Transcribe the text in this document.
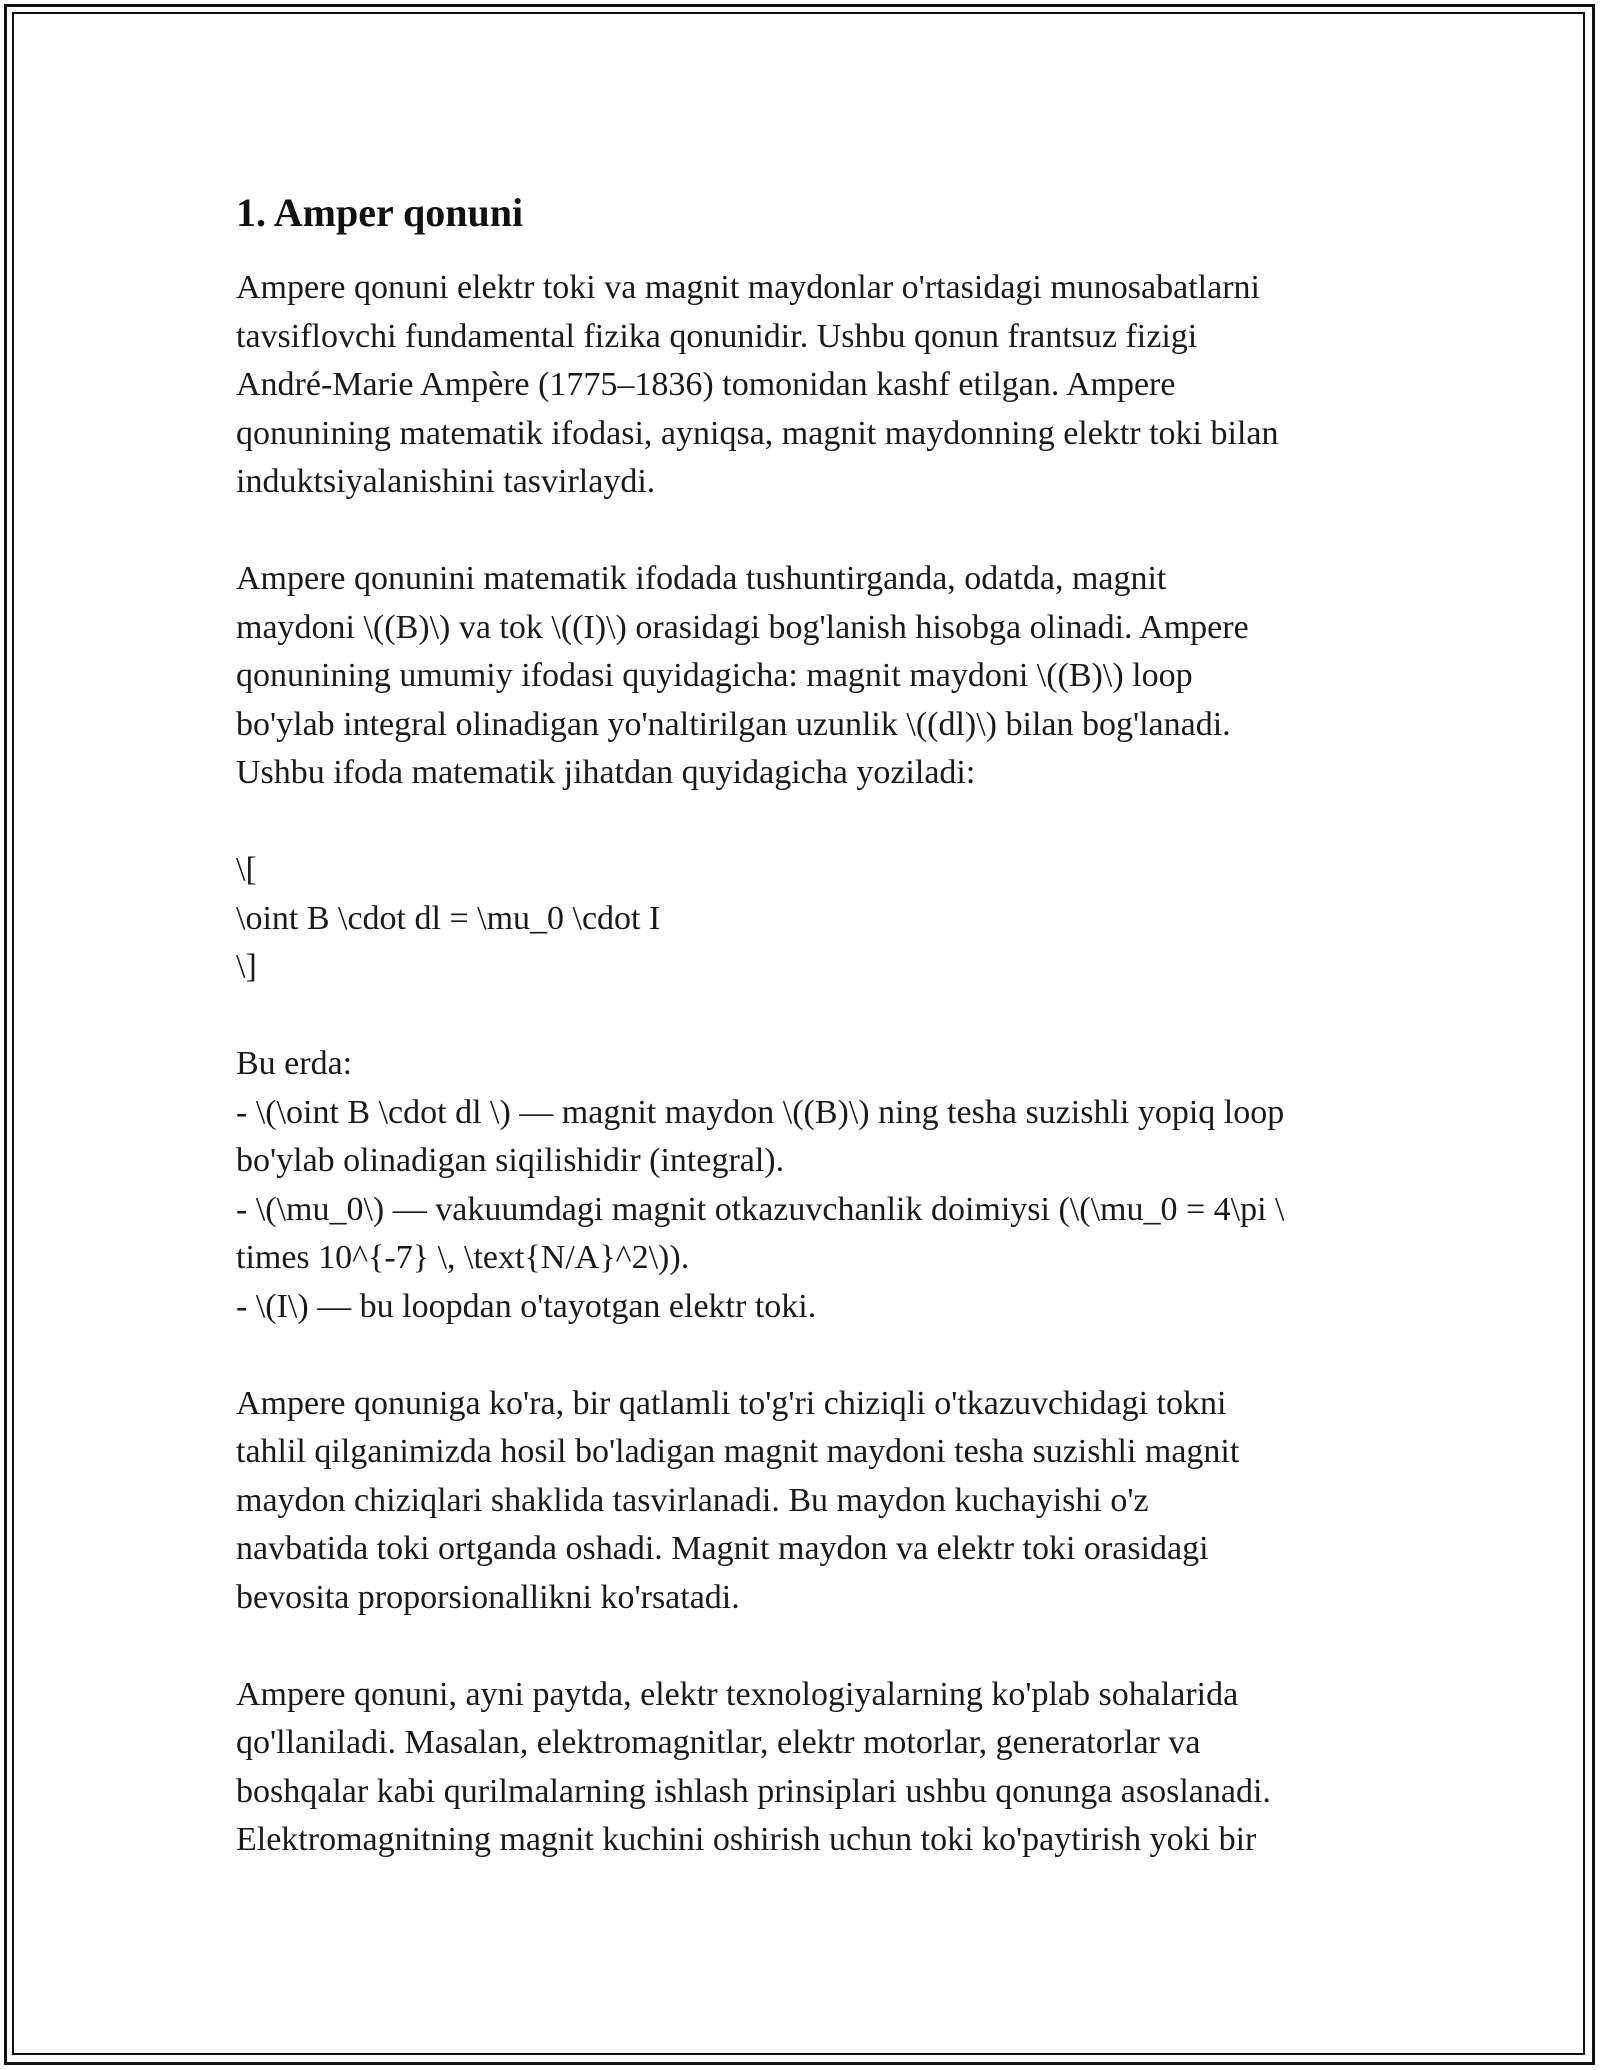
1. Amper qonuni
Ampere qonuni elektr toki va magnit maydonlar o'rtasidagi munosabatlarni
tavsiflovchi fundamental fizika qonunidir. Ushbu qonun frantsuz fizigi
André-Marie Ampère (1775–1836) tomonidan kashf etilgan. Ampere
qonunining matematik ifodasi, ayniqsa, magnit maydonning elektr toki bilan
induktsiyalanishini tasvirlaydi.
Ampere qonunini matematik ifodada tushuntirganda, odatda, magnit
maydoni \((B)\) va tok \((I)\) orasidagi bog'lanish hisobga olinadi. Ampere
qonunining umumiy ifodasi quyidagicha: magnit maydoni \((B)\) loop
bo'ylab integral olinadigan yo'naltirilgan uzunlik \((dl)\) bilan bog'lanadi.
Ushbu ifoda matematik jihatdan quyidagicha yoziladi:
\[
\oint B \cdot dl = \mu_0 \cdot I
\]
Bu erda:
- \(\oint B \cdot dl \) — magnit maydon \((B)\) ning tesha suzishli yopiq loop
bo'ylab olinadigan siqilishidir (integral).
- \(\mu_0\) — vakuumdagi magnit otkazuvchanlik doimiysi (\(\mu_0 = 4\pi \
times 10^{-7} \, \text{N/A}^2\)).
- \(I\) — bu loopdan o'tayotgan elektr toki.
Ampere qonuniga ko'ra, bir qatlamli to'g'ri chiziqli o'tkazuvchidagi tokni
tahlil qilganimizda hosil bo'ladigan magnit maydoni tesha suzishli magnit
maydon chiziqlari shaklida tasvirlanadi. Bu maydon kuchayishi o'z
navbatida toki ortganda oshadi. Magnit maydon va elektr toki orasidagi
bevosita proporsionallikni ko'rsatadi.
Ampere qonuni, ayni paytda, elektr texnologiyalarning ko'plab sohalarida
qo'llaniladi. Masalan, elektromagnitlar, elektr motorlar, generatorlar va
boshqalar kabi qurilmalarning ishlash prinsiplari ushbu qonunga asoslanadi.
Elektromagnitning magnit kuchini oshirish uchun toki ko'paytirish yoki bir
